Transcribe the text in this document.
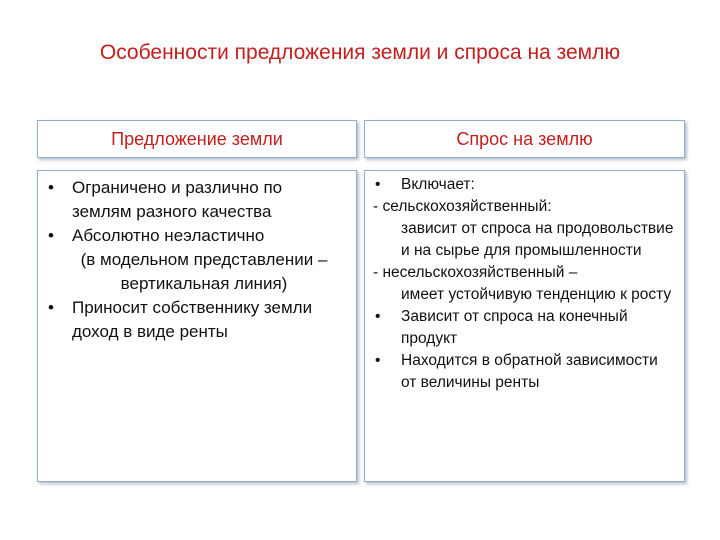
Особенности предложения земли и спроса на землю
Предложение земли	Спрос на землю
• Ограничено и различно по землям разного качества
• Абсолютно неэластично
(в модельном представлении – вертикальная линия)
• Приносит собственнику земли доход в виде ренты
• Включает:
- сельскохозяйственный:
зависит от спроса на продовольствие и на сырье для промышленности
- несельскохозяйственный –
имеет устойчивую тенденцию к росту
• Зависит от спроса на конечный продукт
• Находится в обратной зависимости от величины ренты
